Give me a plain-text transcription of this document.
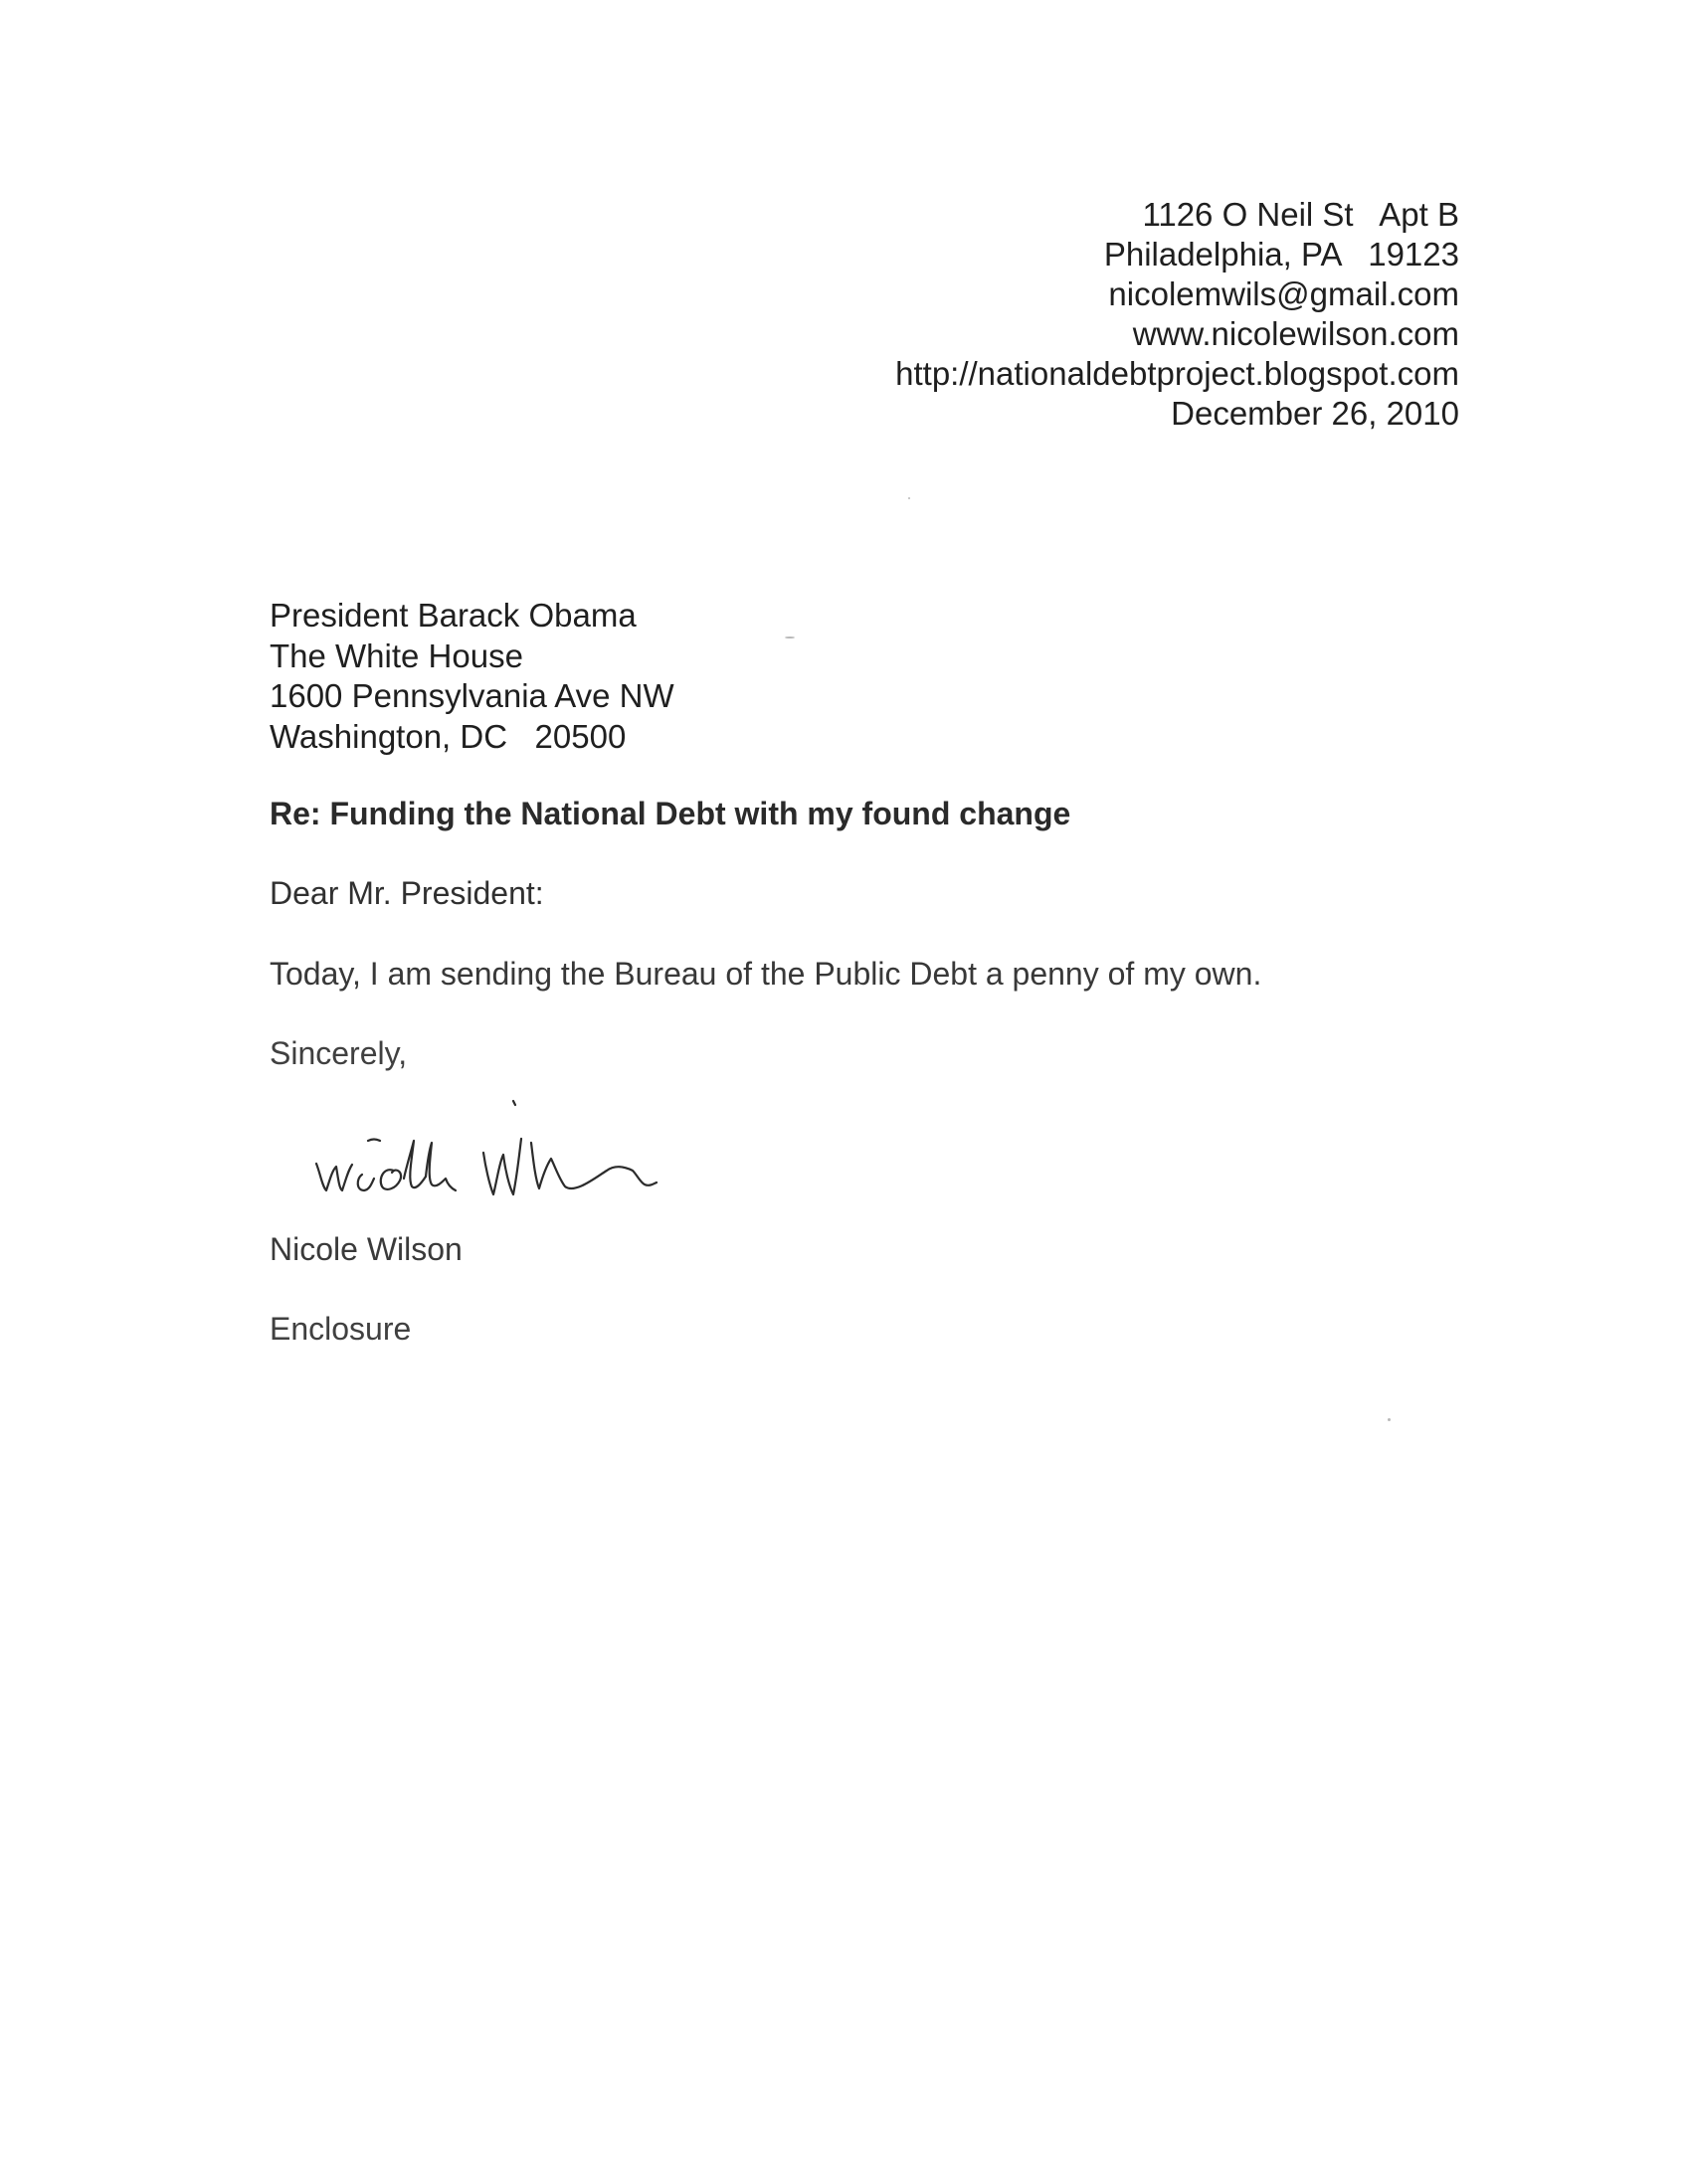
1126 O Neil St   Apt B
Philadelphia, PA   19123
nicolemwils@gmail.com
www.nicolewilson.com
http://nationaldebtproject.blogspot.com
December 26, 2010
President Barack Obama
The White House
1600 Pennsylvania Ave NW
Washington, DC   20500
Re: Funding the National Debt with my found change
Dear Mr. President:
Today, I am sending the Bureau of the Public Debt a penny of my own.
Sincerely,
Nicole Wilson
Enclosure
